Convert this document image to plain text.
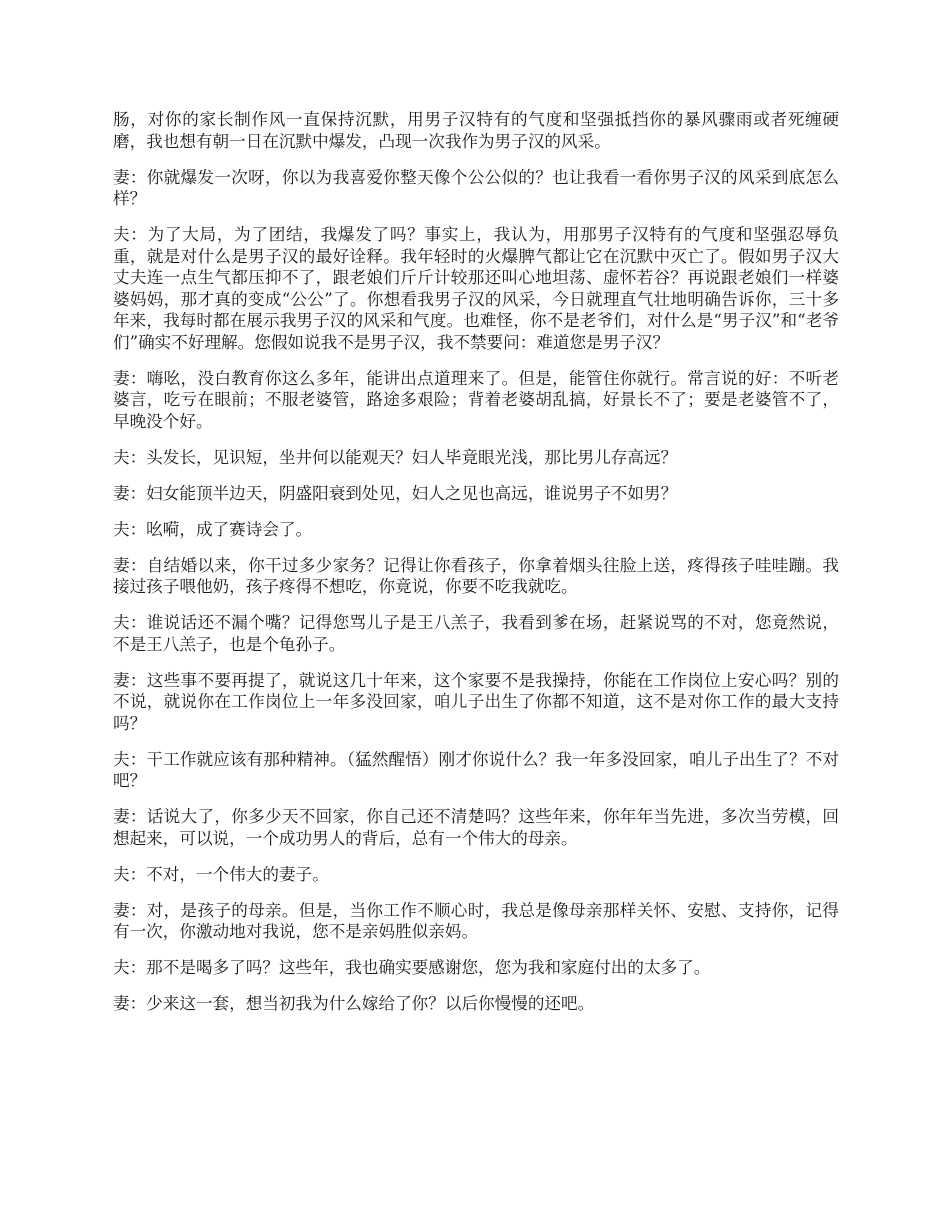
肠，对你的家长制作风一直保持沉默，用男子汉特有的气度和坚强抵挡你的暴风骤雨或者死缠硬磨，我也想有朝一日在沉默中爆发，凸现一次我作为男子汉的风采。

妻：你就爆发一次呀，你以为我喜爱你整天像个公公似的？也让我看一看你男子汉的风采到底怎么样？

夫：为了大局，为了团结，我爆发了吗？事实上，我认为，用那男子汉特有的气度和坚强忍辱负重，就是对什么是男子汉的最好诠释。我年轻时的火爆脾气都让它在沉默中灭亡了。假如男子汉大丈夫连一点生气都压抑不了，跟老娘们斤斤计较那还叫心地坦荡、虚怀若谷？再说跟老娘们一样婆婆妈妈，那才真的变成“公公”了。你想看我男子汉的风采，今日就理直气壮地明确告诉你，三十多年来，我每时都在展示我男子汉的风采和气度。也难怪，你不是老爷们，对什么是“男子汉”和“老爷们”确实不好理解。您假如说我不是男子汉，我不禁要问：难道您是男子汉？

妻：嗨吆，没白教育你这么多年，能讲出点道理来了。但是，能管住你就行。常言说的好：不听老婆言，吃亏在眼前；不服老婆管，路途多艰险；背着老婆胡乱搞，好景长不了；要是老婆管不了，早晚没个好。

夫：头发长，见识短，坐井何以能观天？妇人毕竟眼光浅，那比男儿存高远？

妻：妇女能顶半边天，阴盛阳衰到处见，妇人之见也高远，谁说男子不如男？

夫：吆嗬，成了赛诗会了。

妻：自结婚以来，你干过多少家务？记得让你看孩子，你拿着烟头往脸上送，疼得孩子哇哇蹦。我接过孩子喂他奶，孩子疼得不想吃，你竟说，你要不吃我就吃。

夫：谁说话还不漏个嘴？记得您骂儿子是王八羔子，我看到爹在场，赶紧说骂的不对，您竟然说，不是王八羔子，也是个龟孙子。

妻：这些事不要再提了，就说这几十年来，这个家要不是我操持，你能在工作岗位上安心吗？别的不说，就说你在工作岗位上一年多没回家，咱儿子出生了你都不知道，这不是对你工作的最大支持吗？

夫：干工作就应该有那种精神。（猛然醒悟）刚才你说什么？我一年多没回家，咱儿子出生了？不对吧？

妻：话说大了，你多少天不回家，你自己还不清楚吗？这些年来，你年年当先进，多次当劳模，回想起来，可以说，一个成功男人的背后，总有一个伟大的母亲。

夫：不对，一个伟大的妻子。

妻：对，是孩子的母亲。但是，当你工作不顺心时，我总是像母亲那样关怀、安慰、支持你，记得有一次，你激动地对我说，您不是亲妈胜似亲妈。

夫：那不是喝多了吗？这些年，我也确实要感谢您，您为我和家庭付出的太多了。

妻：少来这一套，想当初我为什么嫁给了你？以后你慢慢的还吧。
